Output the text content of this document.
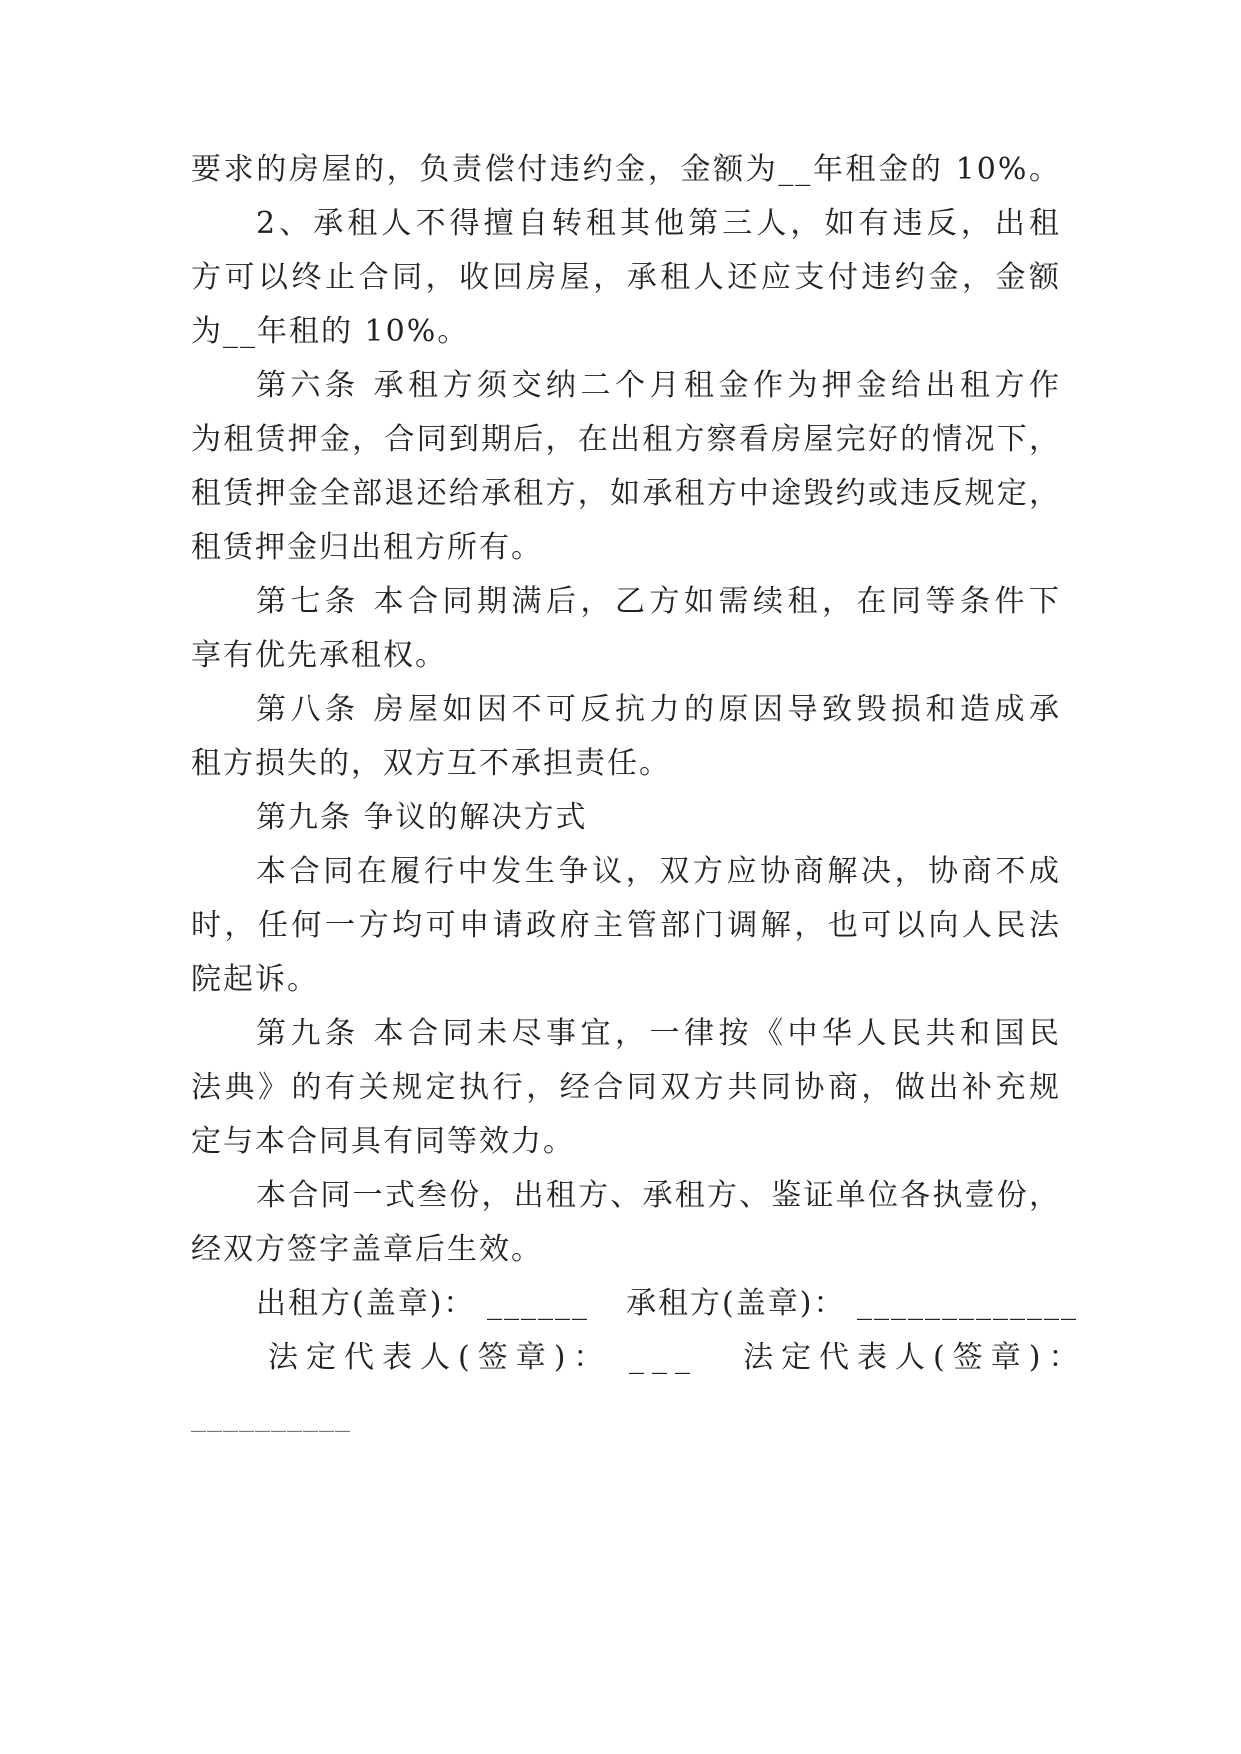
要求的房屋的，负责偿付违约金，金额为__年租金的 10%。
2、承租人不得擅自转租其他第三人，如有违反，出租
方可以终止合同，收回房屋，承租人还应支付违约金，金额
为__年租的 10%。
第六条 承租方须交纳二个月租金作为押金给出租方作
为租赁押金，合同到期后，在出租方察看房屋完好的情况下，
租赁押金全部退还给承租方，如承租方中途毁约或违反规定，
租赁押金归出租方所有。
第七条 本合同期满后，乙方如需续租，在同等条件下
享有优先承租权。
第八条 房屋如因不可反抗力的原因导致毁损和造成承
租方损失的，双方互不承担责任。
第九条 争议的解决方式
本合同在履行中发生争议，双方应协商解决，协商不成
时，任何一方均可申请政府主管部门调解，也可以向人民法
院起诉。
第九条 本合同未尽事宜，一律按《中华人民共和国民
法典》的有关规定执行，经合同双方共同协商，做出补充规
定与本合同具有同等效力。
本合同一式叁份，出租方、承租方、鉴证单位各执壹份，
经双方签字盖章后生效。
出租方(盖章)： ______ 承租方(盖章)： _____________
法定代表人(签章)： ___ 法定代表人(签章)：
__________
